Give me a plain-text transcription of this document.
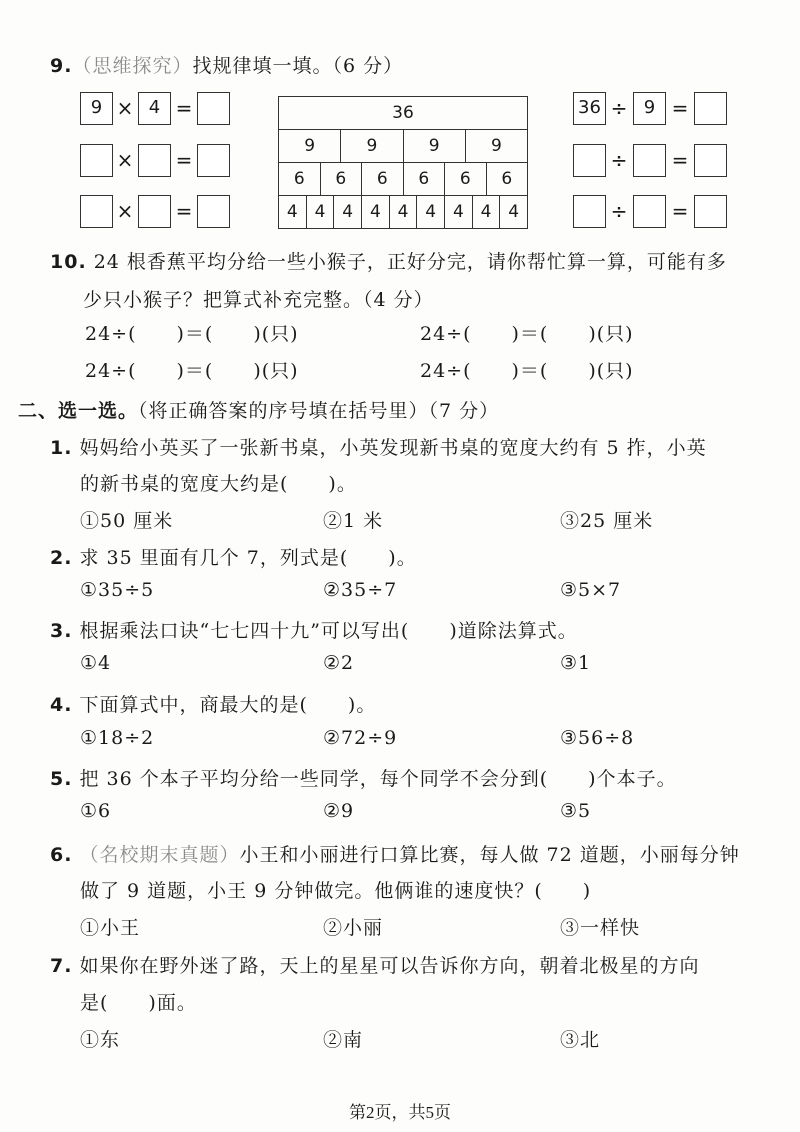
9.（思维探究）找规律填一填。（6 分）
9 × 4 =
× =
× =
36
9	9	9	9
6	6	6	6	6	6
4 4 4 4 4 4 4 4 4
36 ÷ 9 =
÷ =
÷ =
10. 24 根香蕉平均分给一些小猴子，正好分完，请你帮忙算一算，可能有多
少只小猴子？把算式补充完整。（4 分）
24÷(　　)＝(　　)(只)	24÷(　　)＝(　　)(只)
24÷(　　)＝(　　)(只)	24÷(　　)＝(　　)(只)
二、选一选。（将正确答案的序号填在括号里）（7 分）
1. 妈妈给小英买了一张新书桌，小英发现新书桌的宽度大约有 5 拃，小英
的新书桌的宽度大约是(　　)。
①50 厘米	②1 米	③25 厘米
2. 求 35 里面有几个 7，列式是(　　)。
①35÷5	②35÷7	③5×7
3. 根据乘法口诀“七七四十九”可以写出(　　)道除法算式。
①4	②2	③1
4. 下面算式中，商最大的是(　　)。
①18÷2	②72÷9	③56÷8
5. 把 36 个本子平均分给一些同学，每个同学不会分到(　　)个本子。
①6	②9	③5
6. （名校期末真题）小王和小丽进行口算比赛，每人做 72 道题，小丽每分钟
做了 9 道题，小王 9 分钟做完。他俩谁的速度快？(　　)
①小王	②小丽	③一样快
7. 如果你在野外迷了路，天上的星星可以告诉你方向，朝着北极星的方向
是(　　)面。
①东	②南	③北
第2页，共5页
